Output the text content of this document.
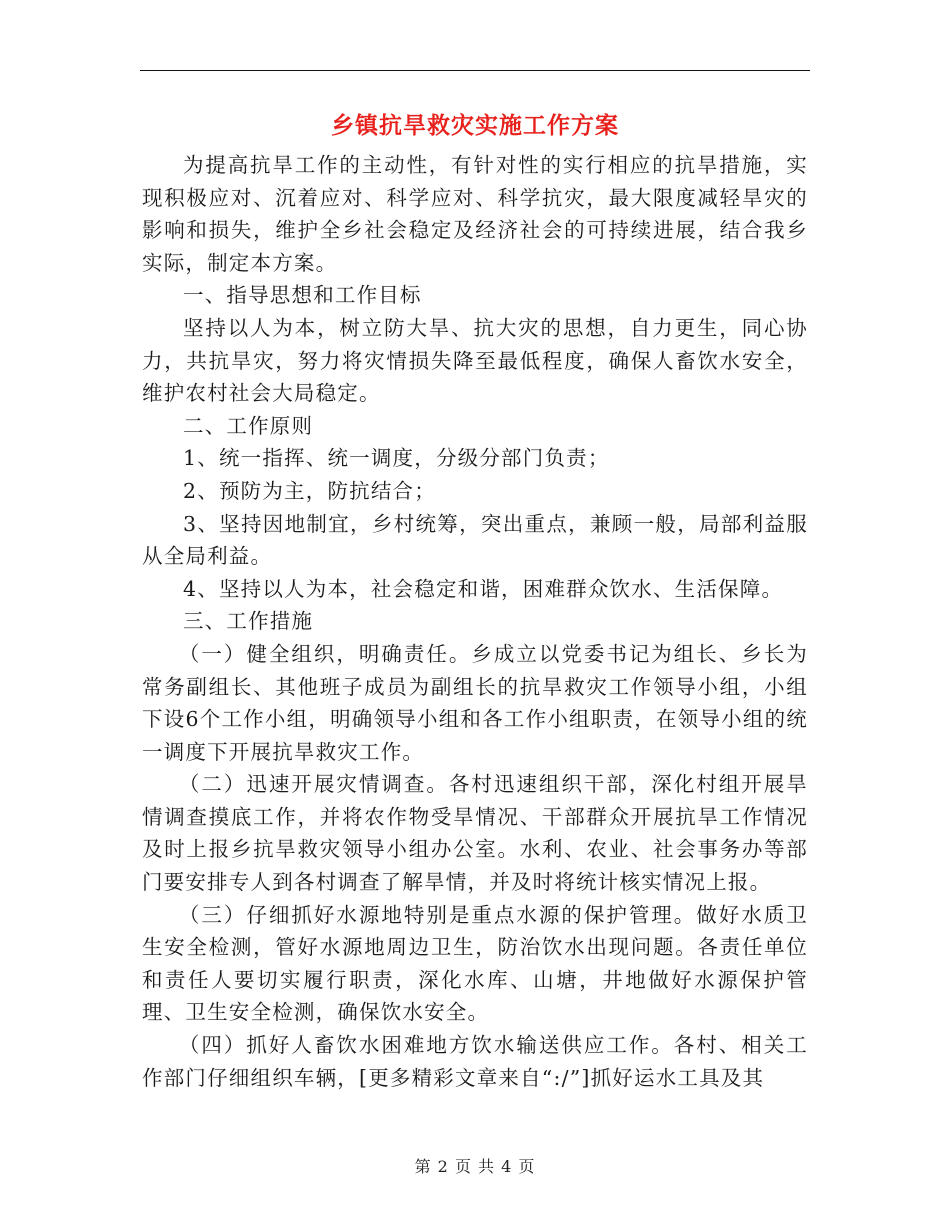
乡镇抗旱救灾实施工作方案

为提高抗旱工作的主动性，有针对性的实行相应的抗旱措施，实现积极应对、沉着应对、科学应对、科学抗灾，最大限度减轻旱灾的影响和损失，维护全乡社会稳定及经济社会的可持续进展，结合我乡实际，制定本方案。

一、指导思想和工作目标

坚持以人为本，树立防大旱、抗大灾的思想，自力更生，同心协力，共抗旱灾，努力将灾情损失降至最低程度，确保人畜饮水安全，维护农村社会大局稳定。

二、工作原则

1、统一指挥、统一调度，分级分部门负责；

2、预防为主，防抗结合；

3、坚持因地制宜，乡村统筹，突出重点，兼顾一般，局部利益服从全局利益。

4、坚持以人为本，社会稳定和谐，困难群众饮水、生活保障。

三、工作措施

（一）健全组织，明确责任。乡成立以党委书记为组长、乡长为常务副组长、其他班子成员为副组长的抗旱救灾工作领导小组，小组下设6个工作小组，明确领导小组和各工作小组职责，在领导小组的统一调度下开展抗旱救灾工作。

（二）迅速开展灾情调查。各村迅速组织干部，深化村组开展旱情调查摸底工作，并将农作物受旱情况、干部群众开展抗旱工作情况及时上报乡抗旱救灾领导小组办公室。水利、农业、社会事务办等部门要安排专人到各村调查了解旱情，并及时将统计核实情况上报。

（三）仔细抓好水源地特别是重点水源的保护管理。做好水质卫生安全检测，管好水源地周边卫生，防治饮水出现问题。各责任单位和责任人要切实履行职责，深化水库、山塘，井地做好水源保护管理、卫生安全检测，确保饮水安全。

（四）抓好人畜饮水困难地方饮水输送供应工作。各村、相关工作部门仔细组织车辆，[更多精彩文章来自“:/”]抓好运水工具及其

第 2 页 共 4 页
